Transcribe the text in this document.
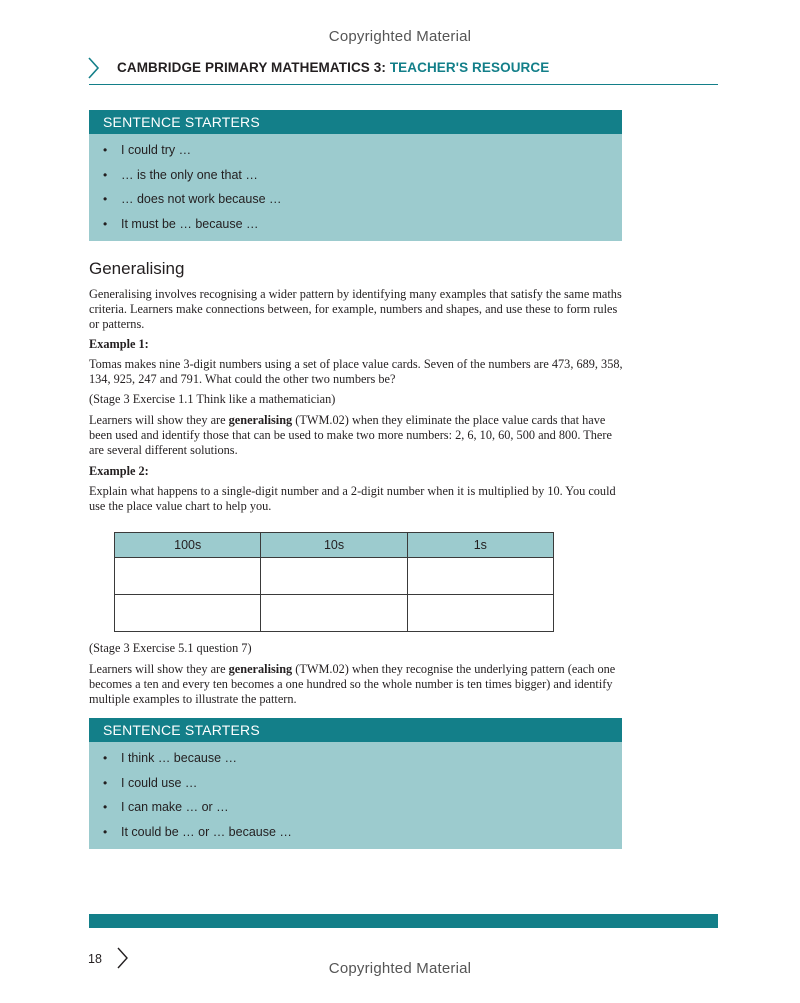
Copyrighted Material
CAMBRIDGE PRIMARY MATHEMATICS 3: TEACHER'S RESOURCE
SENTENCE STARTERS
• I could try …
• … is the only one that …
• … does not work because …
• It must be … because …
Generalising
Generalising involves recognising a wider pattern by identifying many examples that satisfy the same maths criteria. Learners make connections between, for example, numbers and shapes, and use these to form rules or patterns.
Example 1:
Tomas makes nine 3-digit numbers using a set of place value cards. Seven of the numbers are 473, 689, 358, 134, 925, 247 and 791. What could the other two numbers be?
(Stage 3 Exercise 1.1 Think like a mathematician)
Learners will show they are generalising (TWM.02) when they eliminate the place value cards that have been used and identify those that can be used to make two more numbers: 2, 6, 10, 60, 500 and 800. There are several different solutions.
Example 2:
Explain what happens to a single-digit number and a 2-digit number when it is multiplied by 10. You could use the place value chart to help you.
100s	10s	1s

(Stage 3 Exercise 5.1 question 7)
Learners will show they are generalising (TWM.02) when they recognise the underlying pattern (each one becomes a ten and every ten becomes a one hundred so the whole number is ten times bigger) and identify multiple examples to illustrate the pattern.
SENTENCE STARTERS
• I think … because …
• I could use …
• I can make … or …
• It could be … or … because …
18
Copyrighted Material
